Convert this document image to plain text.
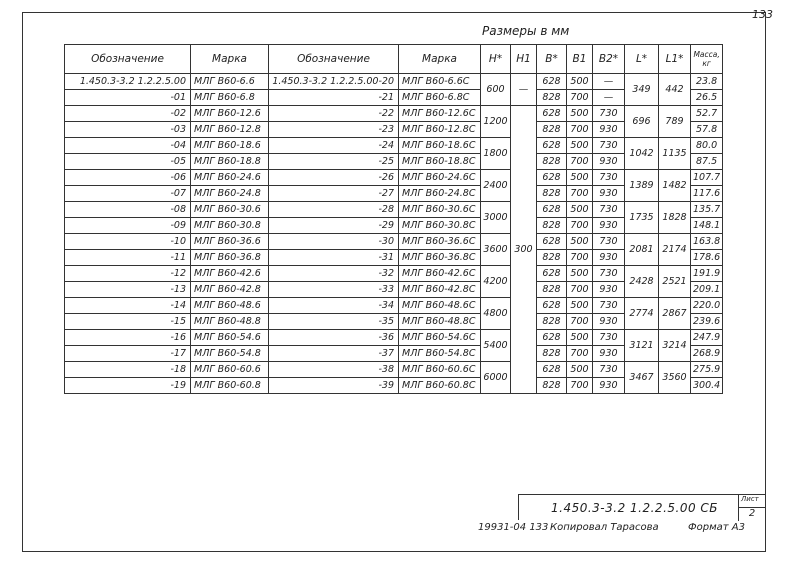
133
Размеры в мм
Обозначение	Марка	Обозначение	Марка	H*	H1	B*	B1	B2*	L*	L1*	Масса, кг
1.450.3-3.2 1.2.2.5.00	МЛГ В60-6.6	1.450.3-3.2 1.2.2.5.00-20	МЛГ В60-6.6С	600	—	628	500	—	349	442	23.8
-01	МЛГ В60-6.8	-21	МЛГ В60-6.8С			828	700	—			26.5
-02	МЛГ В60-12.6	-22	МЛГ В60-12.6С	1200	300	628	500	730	696	789	52.7
-03	МЛГ В60-12.8	-23	МЛГ В60-12.8С			828	700	930			57.8
-04	МЛГ В60-18.6	-24	МЛГ В60-18.6С	1800		628	500	730	1042	1135	80.0
-05	МЛГ В60-18.8	-25	МЛГ В60-18.8С			828	700	930			87.5
-06	МЛГ В60-24.6	-26	МЛГ В60-24.6С	2400		628	500	730	1389	1482	107.7
-07	МЛГ В60-24.8	-27	МЛГ В60-24.8С			828	700	930			117.6
-08	МЛГ В60-30.6	-28	МЛГ В60-30.6С	3000		628	500	730	1735	1828	135.7
-09	МЛГ В60-30.8	-29	МЛГ В60-30.8С			828	700	930			148.1
-10	МЛГ В60-36.6	-30	МЛГ В60-36.6С	3600		628	500	730	2081	2174	163.8
-11	МЛГ В60-36.8	-31	МЛГ В60-36.8С			828	700	930			178.6
-12	МЛГ В60-42.6	-32	МЛГ В60-42.6С	4200		628	500	730	2428	2521	191.9
-13	МЛГ В60-42.8	-33	МЛГ В60-42.8С			828	700	930			209.1
-14	МЛГ В60-48.6	-34	МЛГ В60-48.6С	4800		628	500	730	2774	2867	220.0
-15	МЛГ В60-48.8	-35	МЛГ В60-48.8С			828	700	930			239.6
-16	МЛГ В60-54.6	-36	МЛГ В60-54.6С	5400		628	500	730	3121	3214	247.9
-17	МЛГ В60-54.8	-37	МЛГ В60-54.8С			828	700	930			268.9
-18	МЛГ В60-60.6	-38	МЛГ В60-60.6С	6000		628	500	730	3467	3560	275.9
-19	МЛГ В60-60.8	-39	МЛГ В60-60.8С			828	700	930			300.4
1.450.3-3.2 1.2.2.5.00 СБ
Лист
2
19931-04 133 Копировал Тарасова	Формат А3
